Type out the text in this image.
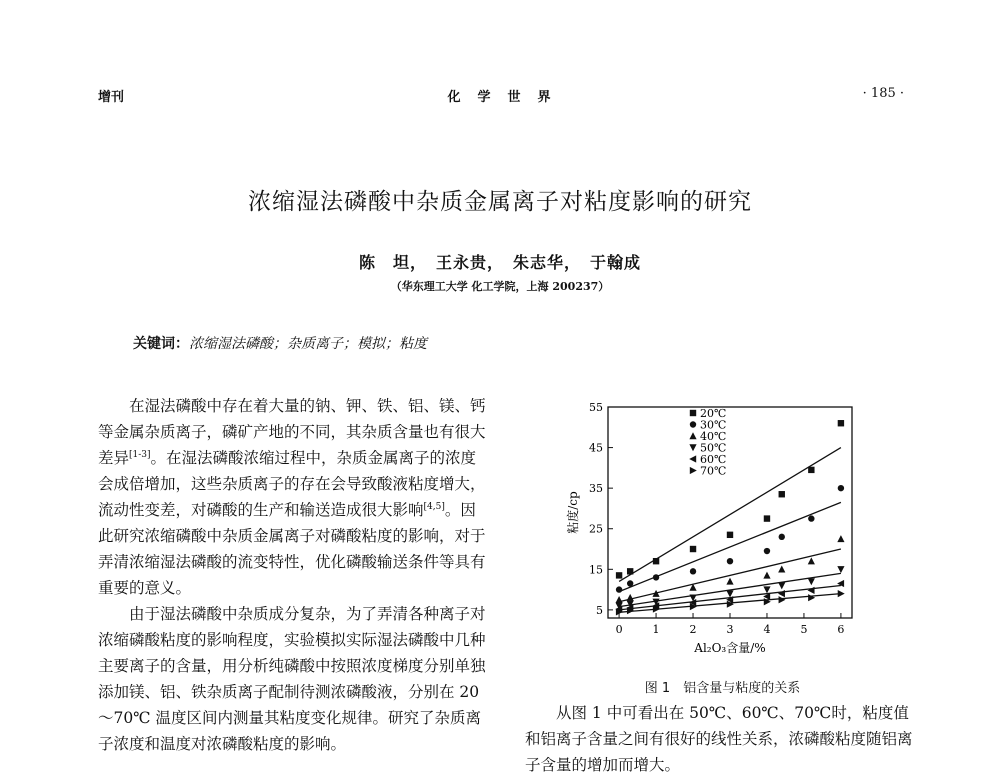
增刊	化　学　世　界	· 185 ·
浓缩湿法磷酸中杂质金属离子对粘度影响的研究
陈　坦，　王永贵，　朱志华，　于翰成
（华东理工大学 化工学院，上海 200237）
关键词：浓缩湿法磷酸；杂质离子；模拟；粘度

在湿法磷酸中存在着大量的钠、钾、铁、铝、镁、钙等金属杂质离子，磷矿产地的不同，其杂质含量也有很大差异[1-3]。在湿法磷酸浓缩过程中，杂质金属离子的浓度会成倍增加，这些杂质离子的存在会导致酸液粘度增大，流动性变差，对磷酸的生产和输送造成很大影响[4,5]。因此研究浓缩磷酸中杂质金属离子对磷酸粘度的影响，对于弄清浓缩湿法磷酸的流变特性，优化磷酸输送条件等具有重要的意义。

由于湿法磷酸中杂质成分复杂，为了弄清各种离子对浓缩磷酸粘度的影响程度，实验模拟实际湿法磷酸中几种主要离子的含量，用分析纯磷酸中按照浓度梯度分别单独添加镁、铝、铁杂质离子配制待测浓磷酸液，分别在 20～70℃ 温度区间内测量其粘度变化规律。研究了杂质离子浓度和温度对浓磷酸粘度的影响。

5
15
25
35
45
55
0	1	2	3	4	5	6
Al₂O₃含量/%
粘度/cp
20℃
30℃
40℃
50℃
60℃
70℃
图 1　铝含量与粘度的关系

从图 1 中可看出在 50℃、60℃、70℃时，粘度值和铝离子含量之间有很好的线性关系，浓磷酸粘度随铝离子含量的增加而增大。
